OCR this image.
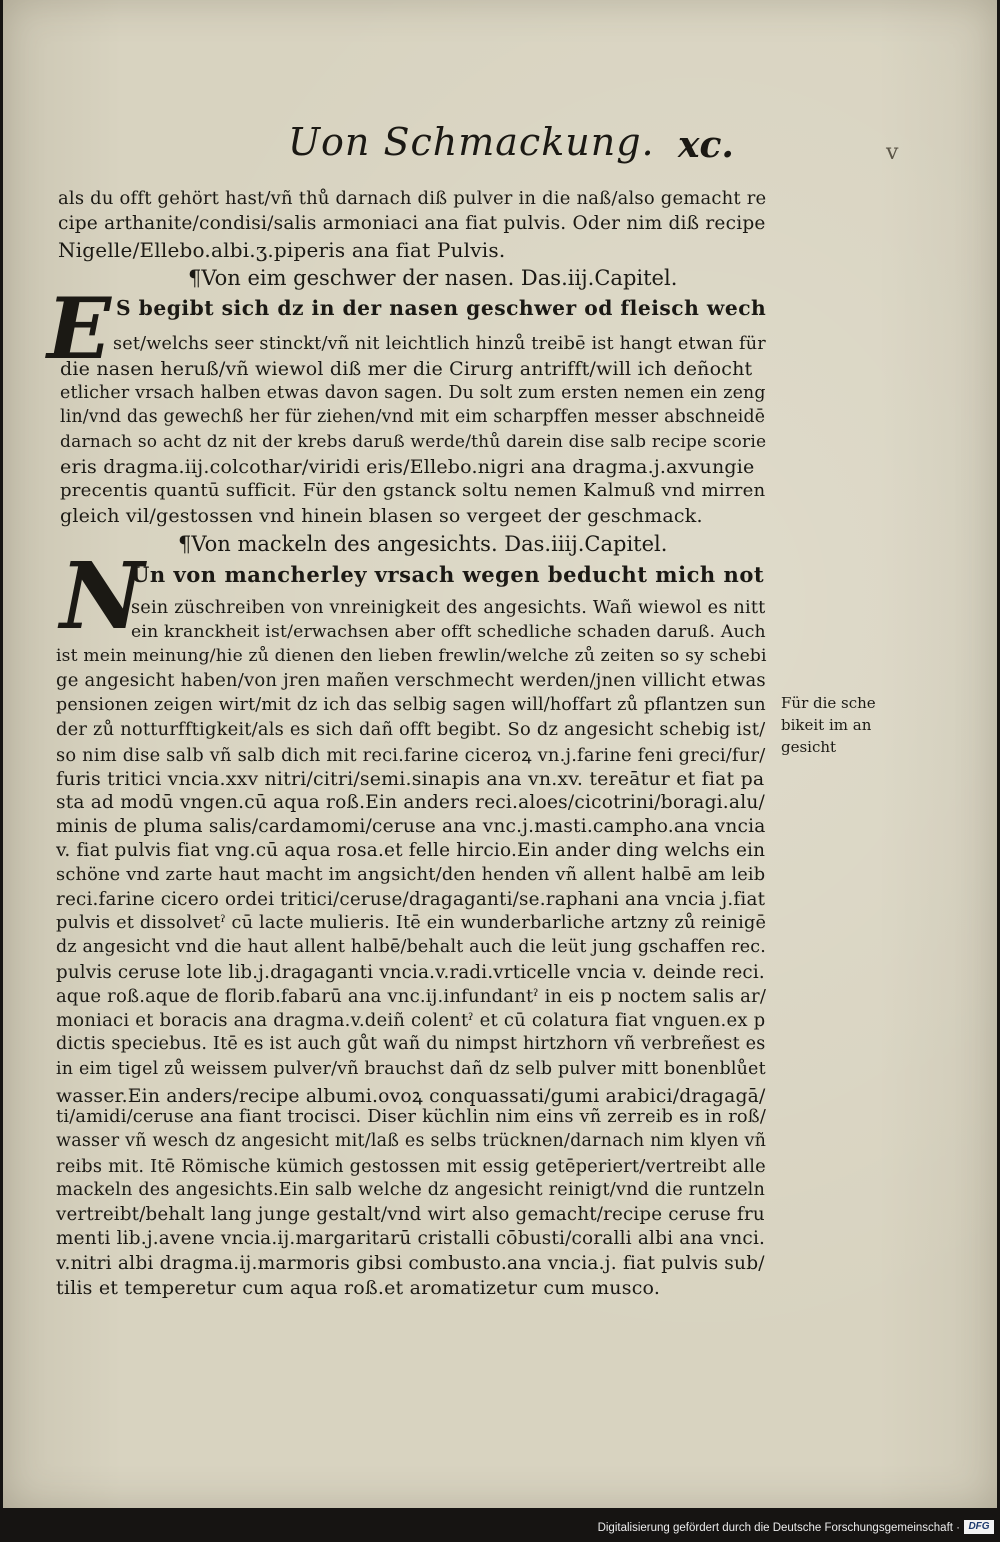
Uon Schmackung. xc.	v
als du offt gehört hast/vñ thů darnach diß pulver in die naß/also gemacht re
cipe arthanite/condisi/salis armoniaci ana fiat pulvis. Oder nim diß recipe
Nigelle/Ellebo.albi.ʒ.piperis ana fiat Pulvis.
¶Von eim geschwer der nasen. Das.iij.Capitel.
E S begibt sich dz in der nasen geschwer od fleisch wech
set/welchs seer stinckt/vñ nit leichtlich hinzů treibē ist hangt etwan für
die nasen heruß/vñ wiewol diß mer die Cirurg antrifft/will ich deñocht
etlicher vrsach halben etwas davon sagen. Du solt zum ersten nemen ein zeng
lin/vnd das gewechß her für ziehen/vnd mit eim scharpffen messer abschneidē
darnach so acht dz nit der krebs daruß werde/thů darein dise salb recipe scorie
eris dragma.iij.colcothar/viridi eris/Ellebo.nigri ana dragma.j.axvungie
precentis quantū sufficit. Für den gstanck soltu nemen Kalmuß vnd mirren
gleich vil/gestossen vnd hinein blasen so vergeet der geschmack.
¶Von mackeln des angesichts. Das.iiij.Capitel.
N
Un von mancherley vrsach wegen beducht mich not
sein züschreiben von vnreinigkeit des angesichts. Wañ wiewol es nitt
ein kranckheit ist/erwachsen aber offt schedliche schaden daruß. Auch
ist mein meinung/hie zů dienen den lieben frewlin/welche zů zeiten so sy schebi
ge angesicht haben/von jren mañen verschmecht werden/jnen villicht etwas
pensionen zeigen wirt/mit dz ich das selbig sagen will/hoffart zů pflantzen sun
der zů notturfftigkeit/als es sich dañ offt begibt. So dz angesicht schebig ist/
so nim dise salb vñ salb dich mit reci.farine ciceroꝝ vn.j.farine feni greci/fur/
furis tritici vncia.xxv nitri/citri/semi.sinapis ana vn.xv. tereātur et fiat pa
sta ad modū vngen.cū aqua roß.Ein anders reci.aloes/cicotrini/boragi.alu/
minis de pluma salis/cardamomi/ceruse ana vnc.j.masti.campho.ana vncia
v. fiat pulvis fiat vng.cū aqua rosa.et felle hircio.Ein ander ding welchs ein
schöne vnd zarte haut macht im angsicht/den henden vñ allent halbē am leib
reci.farine cicero ordei tritici/ceruse/dragaganti/se.raphani ana vncia j.fiat
pulvis et dissolvetˀ cū lacte mulieris. Itē ein wunderbarliche artzny zů reinigē
dz angesicht vnd die haut allent halbē/behalt auch die leüt jung gschaffen rec.
pulvis ceruse lote lib.j.dragaganti vncia.v.radi.vrticelle vncia v. deinde reci.
aque roß.aque de florib.fabarū ana vnc.ij.infundantˀ in eis p noctem salis ar/
moniaci et boracis ana dragma.v.deiñ colentˀ et cū colatura fiat vnguen.ex p
dictis speciebus. Itē es ist auch gůt wañ du nimpst hirtzhorn vñ verbreñest es
in eim tigel zů weissem pulver/vñ brauchst dañ dz selb pulver mitt bonenblůet
wasser.Ein anders/recipe albumi.ovoꝝ conquassati/gumi arabici/dragagā/
ti/amidi/ceruse ana fiant trocisci. Diser küchlin nim eins vñ zerreib es in roß/
wasser vñ wesch dz angesicht mit/laß es selbs trücknen/darnach nim klyen vñ
reibs mit. Itē Römische kümich gestossen mit essig getēperiert/vertreibt alle
mackeln des angesichts.Ein salb welche dz angesicht reinigt/vnd die runtzeln
vertreibt/behalt lang junge gestalt/vnd wirt also gemacht/recipe ceruse fru
menti lib.j.avene vncia.ij.margaritarū cristalli cōbusti/coralli albi ana vnci.
v.nitri albi dragma.ij.marmoris gibsi combusto.ana vncia.j. fiat pulvis sub/
tilis et temperetur cum aqua roß.et aromatizetur cum musco.
Für die sche
bikeit im an
gesicht
Digitalisierung gefördert durch die Deutsche Forschungsgemeinschaft · DFG
